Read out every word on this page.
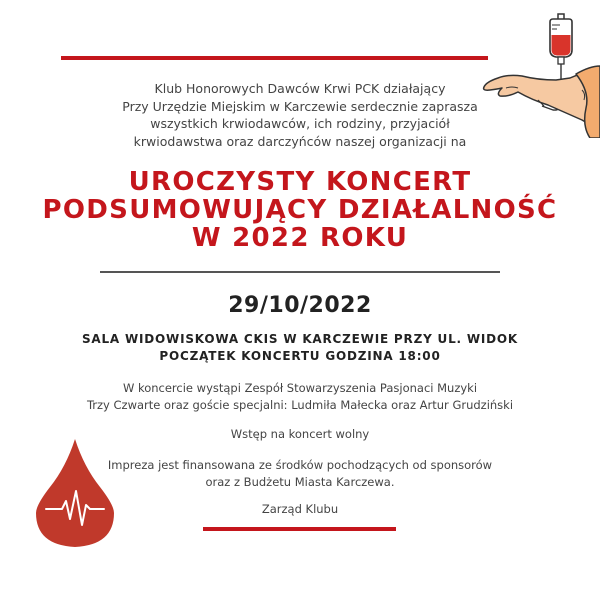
Klub Honorowych Dawców Krwi PCK działający
Przy Urzędzie Miejskim w Karczewie serdecznie zaprasza
wszystkich krwiodawców, ich rodziny, przyjaciół
krwiodawstwa oraz darczyńców naszej organizacji na
UROCZYSTY KONCERT
PODSUMOWUJĄCY DZIAŁALNOŚĆ
W 2022 ROKU
29/10/2022
SALA WIDOWISKOWA CKIS W KARCZEWIE PRZY UL. WIDOK
POCZĄTEK KONCERTU GODZINA 18:00
W koncercie wystąpi Zespół Stowarzyszenia Pasjonaci Muzyki
Trzy Czwarte oraz goście specjalni: Ludmiła Małecka oraz Artur Grudziński
Wstęp na koncert wolny
Impreza jest finansowana ze środków pochodzących od sponsorów
oraz z Budżetu Miasta Karczewa.
Zarząd Klubu
